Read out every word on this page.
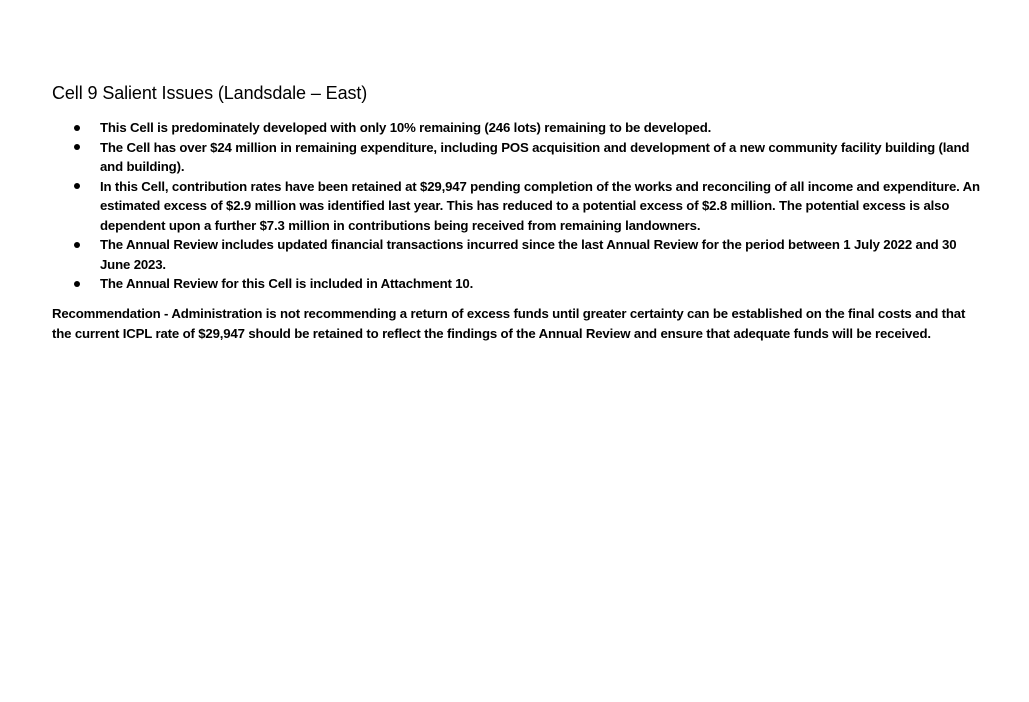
Cell 9 Salient Issues (Landsdale – East)
This Cell is predominately developed with only 10% remaining (246 lots) remaining to be developed.
The Cell has over $24 million in remaining expenditure, including POS acquisition and development of a new community facility building (land and building).
In this Cell, contribution rates have been retained at $29,947 pending completion of the works and reconciling of all income and expenditure. An estimated excess of $2.9 million was identified last year. This has reduced to a potential excess of $2.8 million. The potential excess is also dependent upon a further $7.3 million in contributions being received from remaining landowners.
The Annual Review includes updated financial transactions incurred since the last Annual Review for the period between 1 July 2022 and 30 June 2023.
The Annual Review for this Cell is included in Attachment 10.

Recommendation - Administration is not recommending a return of excess funds until greater certainty can be established on the final costs and that the current ICPL rate of $29,947 should be retained to reflect the findings of the Annual Review and ensure that adequate funds will be received.
